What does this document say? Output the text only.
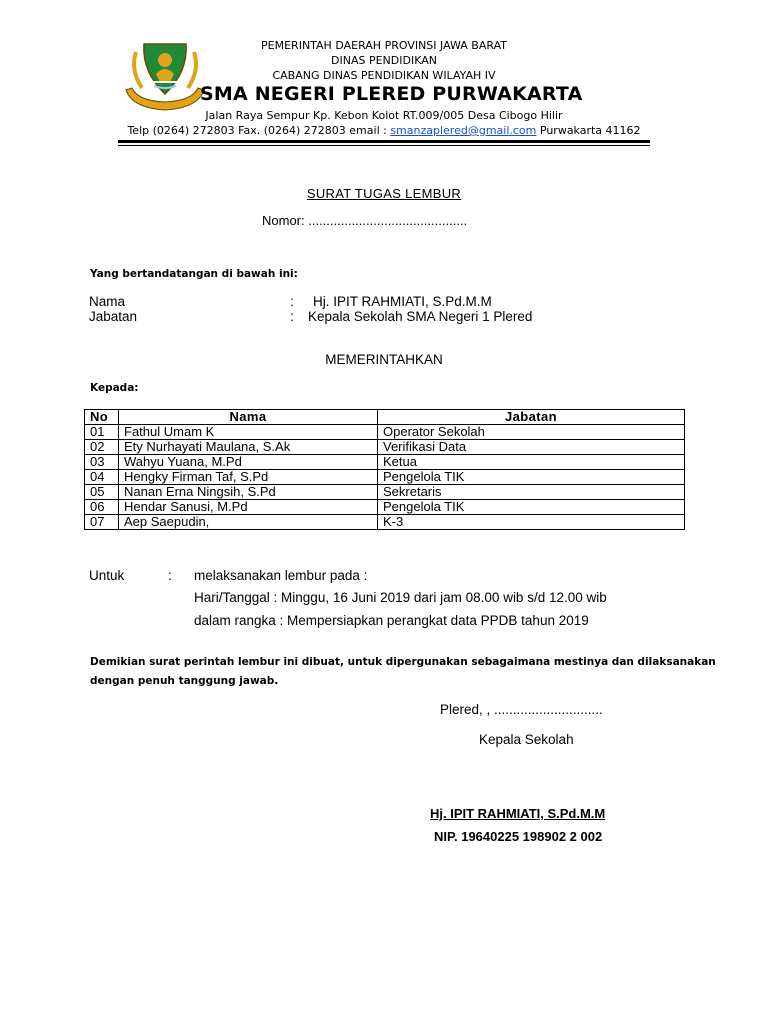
PEMERINTAH DAERAH PROVINSI JAWA BARAT
DINAS PENDIDIKAN
CABANG DINAS PENDIDIKAN WILAYAH IV
SMA NEGERI PLERED PURWAKARTA
Jalan Raya Sempur Kp. Kebon Kolot RT.009/005 Desa Cibogo Hilir
Telp (0264) 272803 Fax. (0264) 272803 email : smanzaplered@gmail.com Purwakarta 41162
SURAT TUGAS LEMBUR
Nomor: ............................................
Yang bertandatangan di bawah ini:
Nama	: Hj. IPIT RAHMIATI, S.Pd.M.M
Jabatan	: Kepala Sekolah SMA Negeri 1 Plered
MEMERINTAHKAN
Kepada:
No	Nama	Jabatan
01	Fathul Umam K	Operator Sekolah
02	Ety Nurhayati Maulana, S.Ak	Verifikasi Data
03	Wahyu Yuana, M.Pd	Ketua
04	Hengky Firman Taf, S.Pd	Pengelola TIK
05	Nanan Erna Ningsih, S.Pd	Sekretaris
06	Hendar Sanusi, M.Pd	Pengelola TIK
07	Aep Saepudin,	K-3
Untuk	: melaksanakan lembur pada :
Hari/Tanggal : Minggu, 16 Juni 2019 dari jam 08.00 wib s/d 12.00 wib
dalam rangka : Mempersiapkan perangkat data PPDB tahun 2019
Demikian surat perintah lembur ini dibuat, untuk dipergunakan sebagaimana mestinya dan dilaksanakan
dengan penuh tanggung jawab.
Plered, , .............................
Kepala Sekolah
Hj. IPIT RAHMIATI, S.Pd.M.M
NIP. 19640225 198902 2 002
